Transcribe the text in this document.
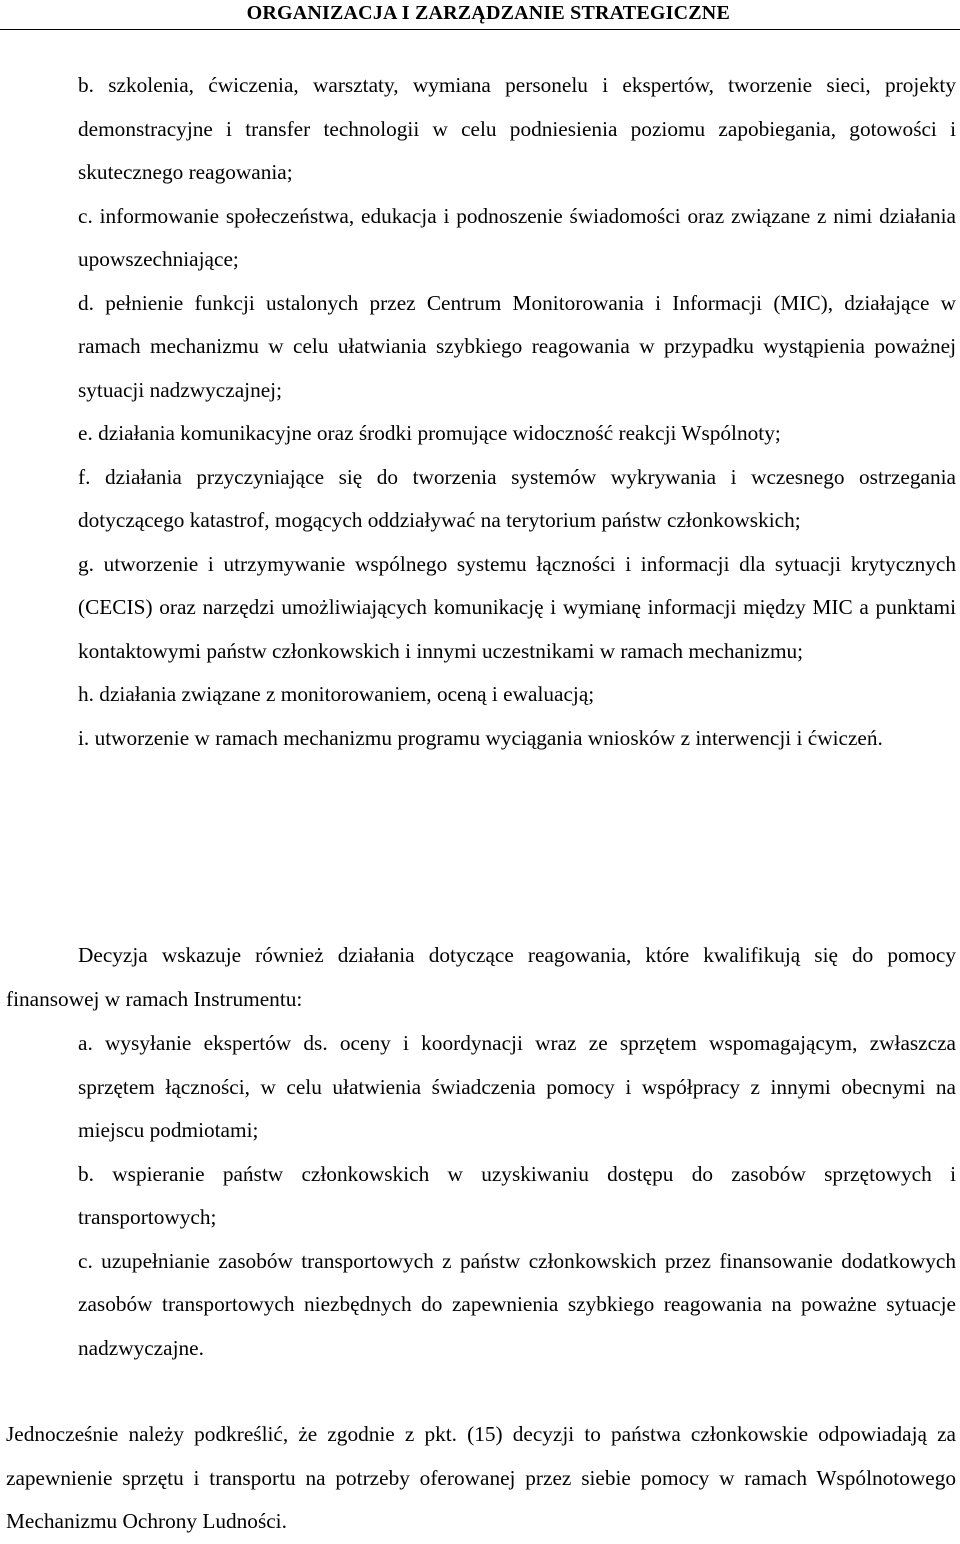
ORGANIZACJA I ZARZĄDZANIE STRATEGICZNE

b. szkolenia, ćwiczenia, warsztaty, wymiana personelu i ekspertów, tworzenie sieci, projekty demonstracyjne i transfer technologii w celu podniesienia poziomu zapobiegania, gotowości i skutecznego reagowania;

c. informowanie społeczeństwa, edukacja i podnoszenie świadomości oraz związane z nimi działania upowszechniające;

d. pełnienie funkcji ustalonych przez Centrum Monitorowania i Informacji (MIC), działające w ramach mechanizmu w celu ułatwiania szybkiego reagowania w przypadku wystąpienia poważnej sytuacji nadzwyczajnej;

e. działania komunikacyjne oraz środki promujące widoczność reakcji Wspólnoty;

f. działania przyczyniające się do tworzenia systemów wykrywania i wczesnego ostrzegania dotyczącego katastrof, mogących oddziaływać na terytorium państw członkowskich;

g. utworzenie i utrzymywanie wspólnego systemu łączności i informacji dla sytuacji krytycznych (CECIS) oraz narzędzi umożliwiających komunikację i wymianę informacji między MIC a punktami kontaktowymi państw członkowskich i innymi uczestnikami w ramach mechanizmu;

h. działania związane z monitorowaniem, oceną i ewaluacją;

i. utworzenie w ramach mechanizmu programu wyciągania wniosków z interwencji i ćwiczeń.

Decyzja wskazuje również działania dotyczące reagowania, które kwalifikują się do pomocy finansowej w ramach Instrumentu:

a. wysyłanie ekspertów ds. oceny i koordynacji wraz ze sprzętem wspomagającym, zwłaszcza sprzętem łączności, w celu ułatwienia świadczenia pomocy i współpracy z innymi obecnymi na miejscu podmiotami;

b. wspieranie państw członkowskich w uzyskiwaniu dostępu do zasobów sprzętowych i transportowych;

c. uzupełnianie zasobów transportowych z państw członkowskich przez finansowanie dodatkowych zasobów transportowych niezbędnych do zapewnienia szybkiego reagowania na poważne sytuacje nadzwyczajne.

Jednocześnie należy podkreślić, że zgodnie z pkt. (15) decyzji to państwa członkowskie odpowiadają za zapewnienie sprzętu i transportu na potrzeby oferowanej przez siebie pomocy w ramach Wspólnotowego Mechanizmu Ochrony Ludności.
